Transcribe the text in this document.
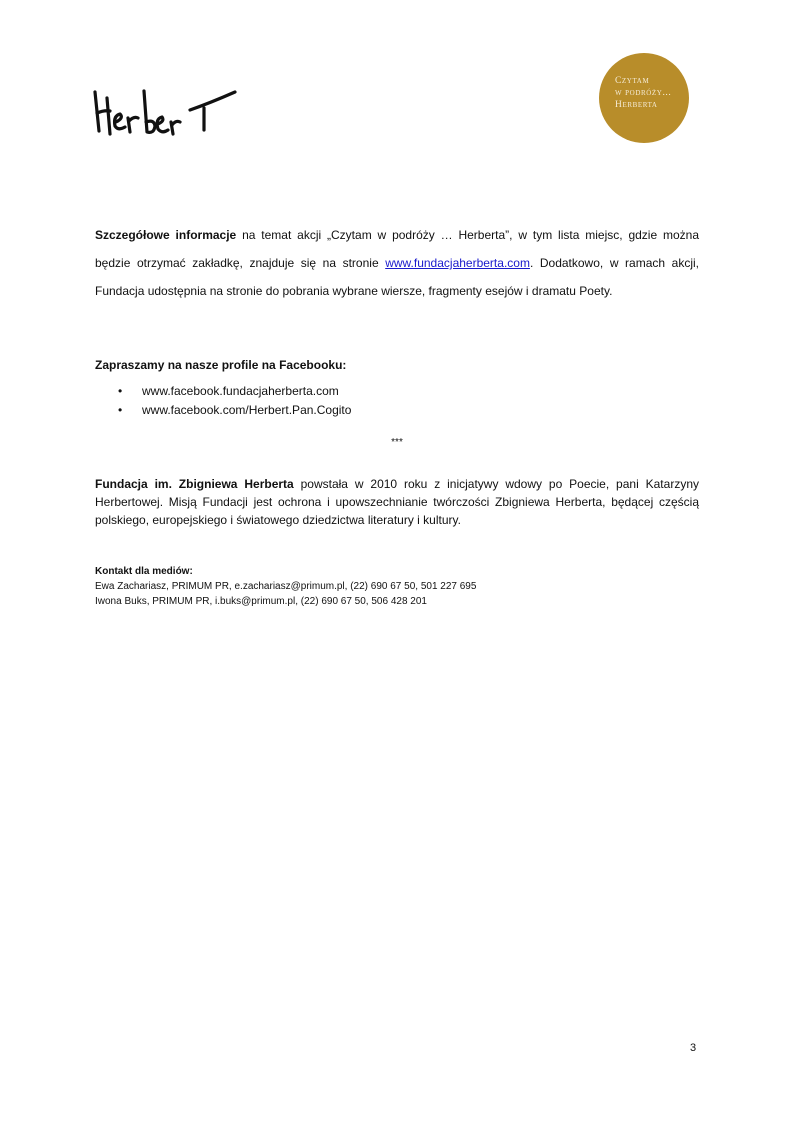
Czytam
w podróży...
Herberta
Szczegółowe informacje na temat akcji „Czytam w podróży … Herberta”, w tym lista miejsc, gdzie można będzie otrzymać zakładkę, znajduje się na stronie www.fundacjaherberta.com. Dodatkowo, w ramach akcji, Fundacja udostępnia na stronie do pobrania wybrane wiersze, fragmenty esejów i dramatu Poety.
Zapraszamy na nasze profile na Facebooku:
• www.facebook.fundacjaherberta.com
• www.facebook.com/Herbert.Pan.Cogito
***
Fundacja im. Zbigniewa Herberta powstała w 2010 roku z inicjatywy wdowy po Poecie, pani Katarzyny Herbertowej. Misją Fundacji jest ochrona i upowszechnianie twórczości Zbigniewa Herberta, będącej częścią polskiego, europejskiego i światowego dziedzictwa literatury i kultury.
Kontakt dla mediów:
Ewa Zachariasz, PRIMUM PR, e.zachariasz@primum.pl, (22) 690 67 50, 501 227 695
Iwona Buks, PRIMUM PR, i.buks@primum.pl, (22) 690 67 50, 506 428 201
3
